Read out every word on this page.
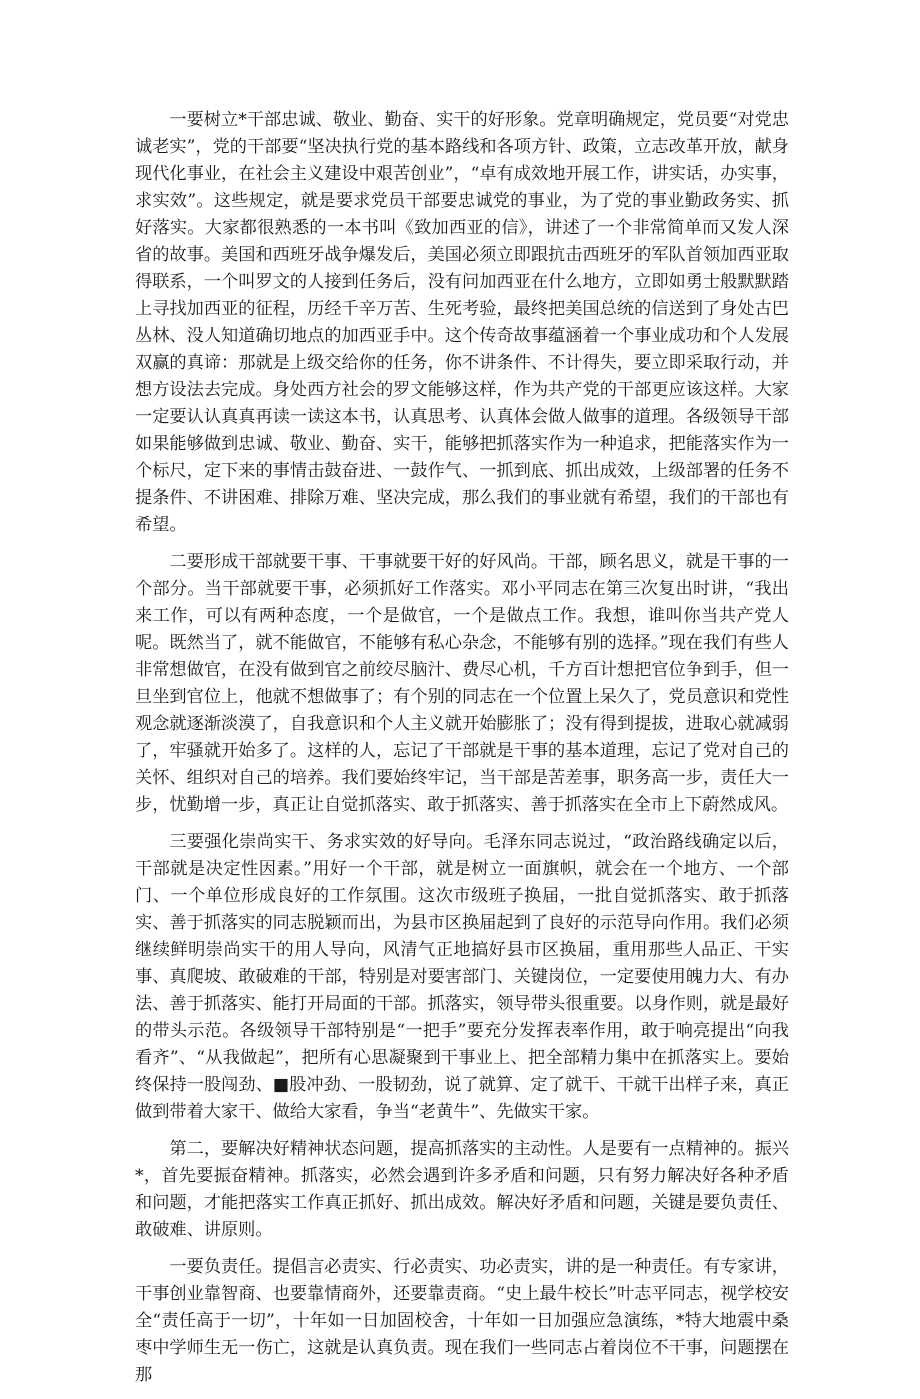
一要树立*干部忠诚、敬业、勤奋、实干的好形象。党章明确规定，党员要“对党忠诚老实”，党的干部要“坚决执行党的基本路线和各项方针、政策，立志改革开放，献身现代化事业，在社会主义建设中艰苦创业”，“卓有成效地开展工作，讲实话，办实事，求实效”。这些规定，就是要求党员干部要忠诚党的事业，为了党的事业勤政务实、抓好落实。大家都很熟悉的一本书叫《致加西亚的信》，讲述了一个非常简单而又发人深省的故事。美国和西班牙战争爆发后，美国必须立即跟抗击西班牙的军队首领加西亚取得联系，一个叫罗文的人接到任务后，没有问加西亚在什么地方，立即如勇士般默默踏上寻找加西亚的征程，历经千辛万苦、生死考验，最终把美国总统的信送到了身处古巴丛林、没人知道确切地点的加西亚手中。这个传奇故事蕴涵着一个事业成功和个人发展双赢的真谛：那就是上级交给你的任务，你不讲条件、不计得失，要立即采取行动，并想方设法去完成。身处西方社会的罗文能够这样，作为共产党的干部更应该这样。大家一定要认认真真再读一读这本书，认真思考、认真体会做人做事的道理。各级领导干部如果能够做到忠诚、敬业、勤奋、实干，能够把抓落实作为一种追求，把能落实作为一个标尺，定下来的事情击鼓奋进、一鼓作气、一抓到底、抓出成效，上级部署的任务不提条件、不讲困难、排除万难、坚决完成，那么我们的事业就有希望，我们的干部也有希望。

二要形成干部就要干事、干事就要干好的好风尚。干部，顾名思义，就是干事的一个部分。当干部就要干事，必须抓好工作落实。邓小平同志在第三次复出时讲，“我出来工作，可以有两种态度，一个是做官，一个是做点工作。我想，谁叫你当共产党人呢。既然当了，就不能做官，不能够有私心杂念，不能够有别的选择。”现在我们有些人非常想做官，在没有做到官之前绞尽脑汁、费尽心机，千方百计想把官位争到手，但一旦坐到官位上，他就不想做事了；有个别的同志在一个位置上呆久了，党员意识和党性观念就逐渐淡漠了，自我意识和个人主义就开始膨胀了；没有得到提拔，进取心就减弱了，牢骚就开始多了。这样的人，忘记了干部就是干事的基本道理，忘记了党对自己的关怀、组织对自己的培养。我们要始终牢记，当干部是苦差事，职务高一步，责任大一步，忧勤增一步，真正让自觉抓落实、敢于抓落实、善于抓落实在全市上下蔚然成风。

三要强化崇尚实干、务求实效的好导向。毛泽东同志说过，“政治路线确定以后，干部就是决定性因素。”用好一个干部，就是树立一面旗帜，就会在一个地方、一个部门、一个单位形成良好的工作氛围。这次市级班子换届，一批自觉抓落实、敢于抓落实、善于抓落实的同志脱颖而出，为县市区换届起到了良好的示范导向作用。我们必须继续鲜明崇尚实干的用人导向，风清气正地搞好县市区换届，重用那些人品正、干实事、真爬坡、敢破难的干部，特别是对要害部门、关键岗位，一定要使用魄力大、有办法、善于抓落实、能打开局面的干部。抓落实，领导带头很重要。以身作则，就是最好的带头示范。各级领导干部特别是“一把手”要充分发挥表率作用，敢于响亮提出“向我看齐”、“从我做起”，把所有心思凝聚到干事业上、把全部精力集中在抓落实上。要始终保持一股闯劲、■股冲劲、一股韧劲，说了就算、定了就干、干就干出样子来，真正做到带着大家干、做给大家看，争当“老黄牛”、先做实干家。

第二，要解决好精神状态问题，提高抓落实的主动性。人是要有一点精神的。振兴*，首先要振奋精神。抓落实，必然会遇到许多矛盾和问题，只有努力解决好各种矛盾和问题，才能把落实工作真正抓好、抓出成效。解决好矛盾和问题，关键是要负责任、敢破难、讲原则。

一要负责任。提倡言必责实、行必责实、功必责实，讲的是一种责任。有专家讲，干事创业靠智商、也要靠情商外，还要靠责商。“史上最牛校长”叶志平同志，视学校安全“责任高于一切”，十年如一日加固校舍，十年如一日加强应急演练，*特大地震中桑枣中学师生无一伤亡，这就是认真负责。现在我们一些同志占着岗位不干事，问题摆在那
